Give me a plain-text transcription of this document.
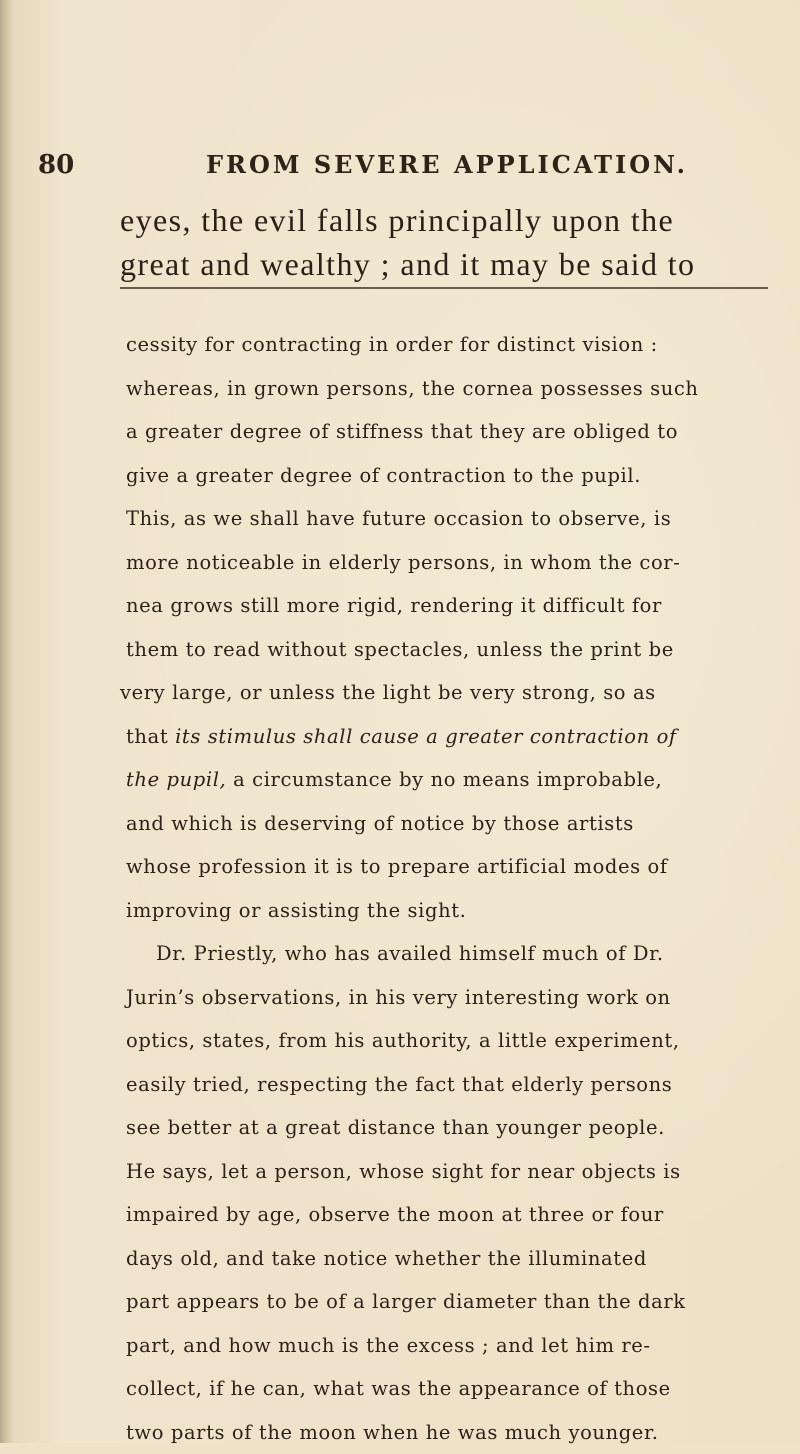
80	FROM SEVERE APPLICATION.
eyes, the evil falls principally upon the
great and wealthy ; and it may be said to
cessity for contracting in order for distinct vision :
whereas, in grown persons, the cornea possesses such
a greater degree of stiffness that they are obliged to
give a greater degree of contraction to the pupil.
This, as we shall have future occasion to observe, is
more noticeable in elderly persons, in whom the cor-
nea grows still more rigid, rendering it difficult for
them to read without spectacles, unless the print be
very large, or unless the light be very strong, so as
that its stimulus shall cause a greater contraction of
the pupil, a circumstance by no means improbable,
and which is deserving of notice by those artists
whose profession it is to prepare artificial modes of
improving or assisting the sight.
Dr. Priestly, who has availed himself much of Dr.
Jurin’s observations, in his very interesting work on
optics, states, from his authority, a little experiment,
easily tried, respecting the fact that elderly persons
see better at a great distance than younger people.
He says, let a person, whose sight for near objects is
impaired by age, observe the moon at three or four
days old, and take notice whether the illuminated
part appears to be of a larger diameter than the dark
part, and how much is the excess ; and let him re-
collect, if he can, what was the appearance of those
two parts of the moon when he was much younger.
